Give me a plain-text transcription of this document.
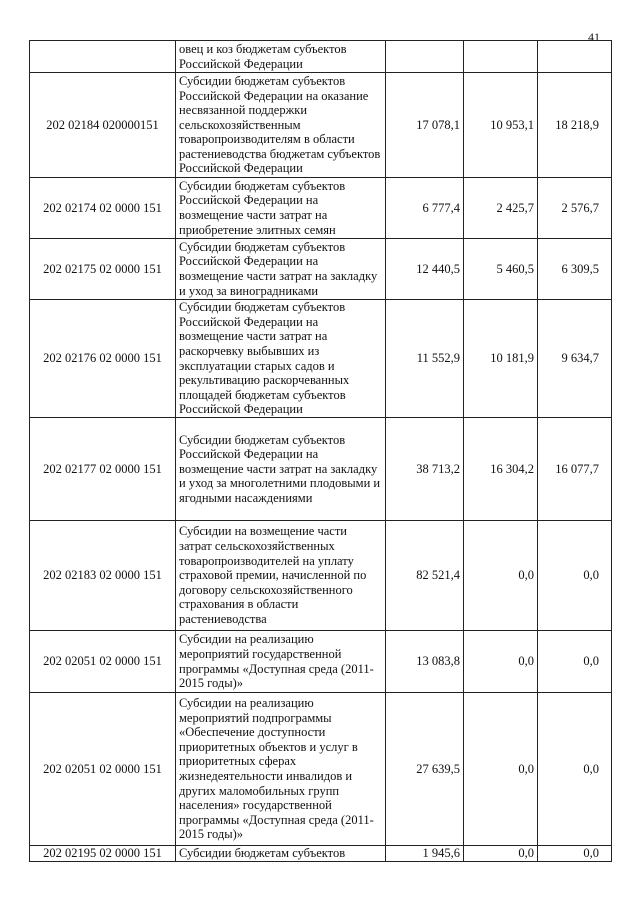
41
	овец и коз бюджетам субъектов Российской Федерации			
202 02184 020000151	Субсидии бюджетам субъектов Российской Федерации на оказание несвязанной поддержки сельскохозяйственным товаропроизводителям в области растениеводства бюджетам субъектов Российской Федерации	17 078,1	10 953,1	18 218,9
202 02174 02 0000 151	Субсидии бюджетам субъектов Российской Федерации на возмещение части затрат на приобретение элитных семян	6 777,4	2 425,7	2 576,7
202 02175 02 0000 151	Субсидии бюджетам субъектов Российской Федерации на возмещение части затрат на закладку и уход за виноградниками	12 440,5	5 460,5	6 309,5
202 02176 02 0000 151	Субсидии бюджетам субъектов Российской Федерации на возмещение части затрат на раскорчевку выбывших из эксплуатации старых садов и рекультивацию раскорчеванных площадей бюджетам субъектов Российской Федерации	11 552,9	10 181,9	9 634,7
202 02177 02 0000 151	Субсидии бюджетам субъектов Российской Федерации на возмещение части затрат на закладку и уход за многолетними плодовыми и ягодными насаждениями	38 713,2	16 304,2	16 077,7
202 02183 02 0000 151	Субсидии на возмещение части затрат сельскохозяйственных товаропроизводителей на уплату страховой премии, начисленной по договору сельскохозяйственного страхования в области растениеводства	82 521,4	0,0	0,0
202 02051 02 0000 151	Субсидии на реализацию мероприятий государственной программы «Доступная среда (2011-2015 годы)»	13 083,8	0,0	0,0
202 02051 02 0000 151	Субсидии на реализацию мероприятий подпрограммы «Обеспечение доступности приоритетных объектов и услуг в приоритетных сферах жизнедеятельности инвалидов и других маломобильных групп населения» государственной программы «Доступная среда (2011-2015 годы)»	27 639,5	0,0	0,0
202 02195 02 0000 151	Субсидии бюджетам субъектов	1 945,6	0,0	0,0
